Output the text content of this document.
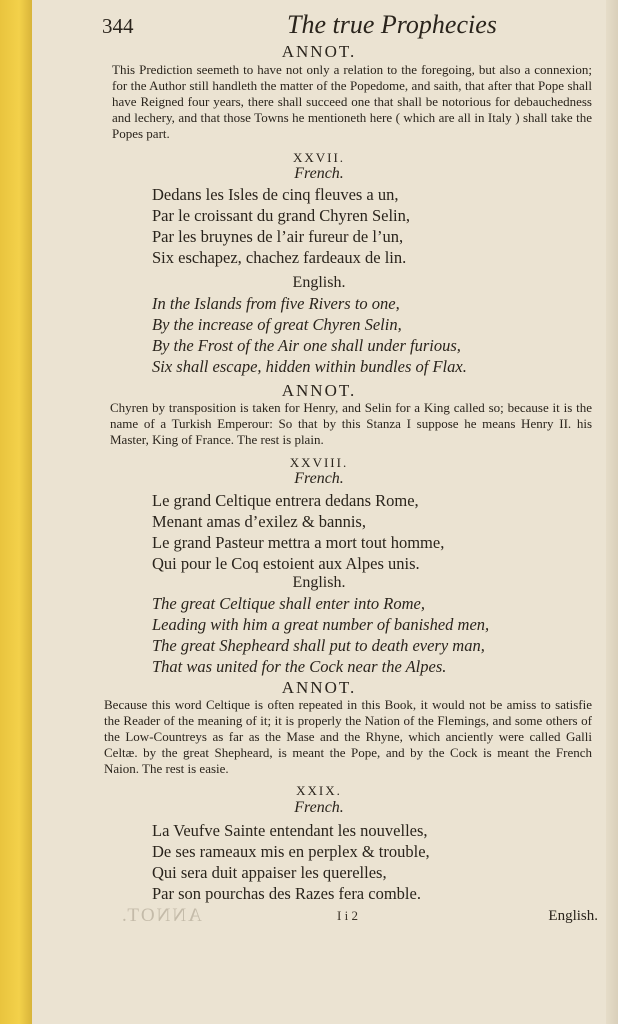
344	The true Prophecies

ANNOT.

This Prediction seemeth to have not only a relation to the foregoing, but also a connexion; for the Author still handleth the matter of the Popedome, and saith, that after that Pope shall have Reigned four years, there shall succeed one that shall be notorious for debauchedness and lechery, and that those Towns he mentioneth here ( which are all in Italy ) shall take the Popes part.

XXVII.

French.

Dedans les Isles de cinq fleuves a un,
Par le croissant du grand Chyren Selin,
Par les bruynes de l’air fureur de l’un,
Six eschapez, chachez fardeaux de lin.

English.

In the Islands from five Rivers to one,
By the increase of great Chyren Selin,
By the Frost of the Air one shall under furious,
Six shall escape, hidden within bundles of Flax.

ANNOT.

Chyren by transposition is taken for Henry, and Selin for a King called so; because it is the name of a Turkish Emperour: So that by this Stanza I suppose he means Henry II. his Master, King of France. The rest is plain.

XXVIII.

French.

Le grand Celtique entrera dedans Rome,
Menant amas d’exilez & bannis,
Le grand Pasteur mettra a mort tout homme,
Qui pour le Coq estoient aux Alpes unis.

English.

The great Celtique shall enter into Rome,
Leading with him a great number of banished men,
The great Shepheard shall put to death every man,
That was united for the Cock near the Alpes.

ANNOT.

Because this word Celtique is often repeated in this Book, it would not be amiss to satisfie the Reader of the meaning of it; it is properly the Nation of the Flemings, and some others of the Low-Countreys as far as the Mase and the Rhyne, which anciently were called Galli Celtæ. by the great Shepheard, is meant the Pope, and by the Cock is meant the French Naion. The rest is easie.

XXIX.

French.

La Veufve Sainte entendant les nouvelles,
De ses rameaux mis en perplex & trouble,
Qui sera duit appaiser les querelles,
Par son pourchas des Razes fera comble.
ANNOT.	I i 2	English.
